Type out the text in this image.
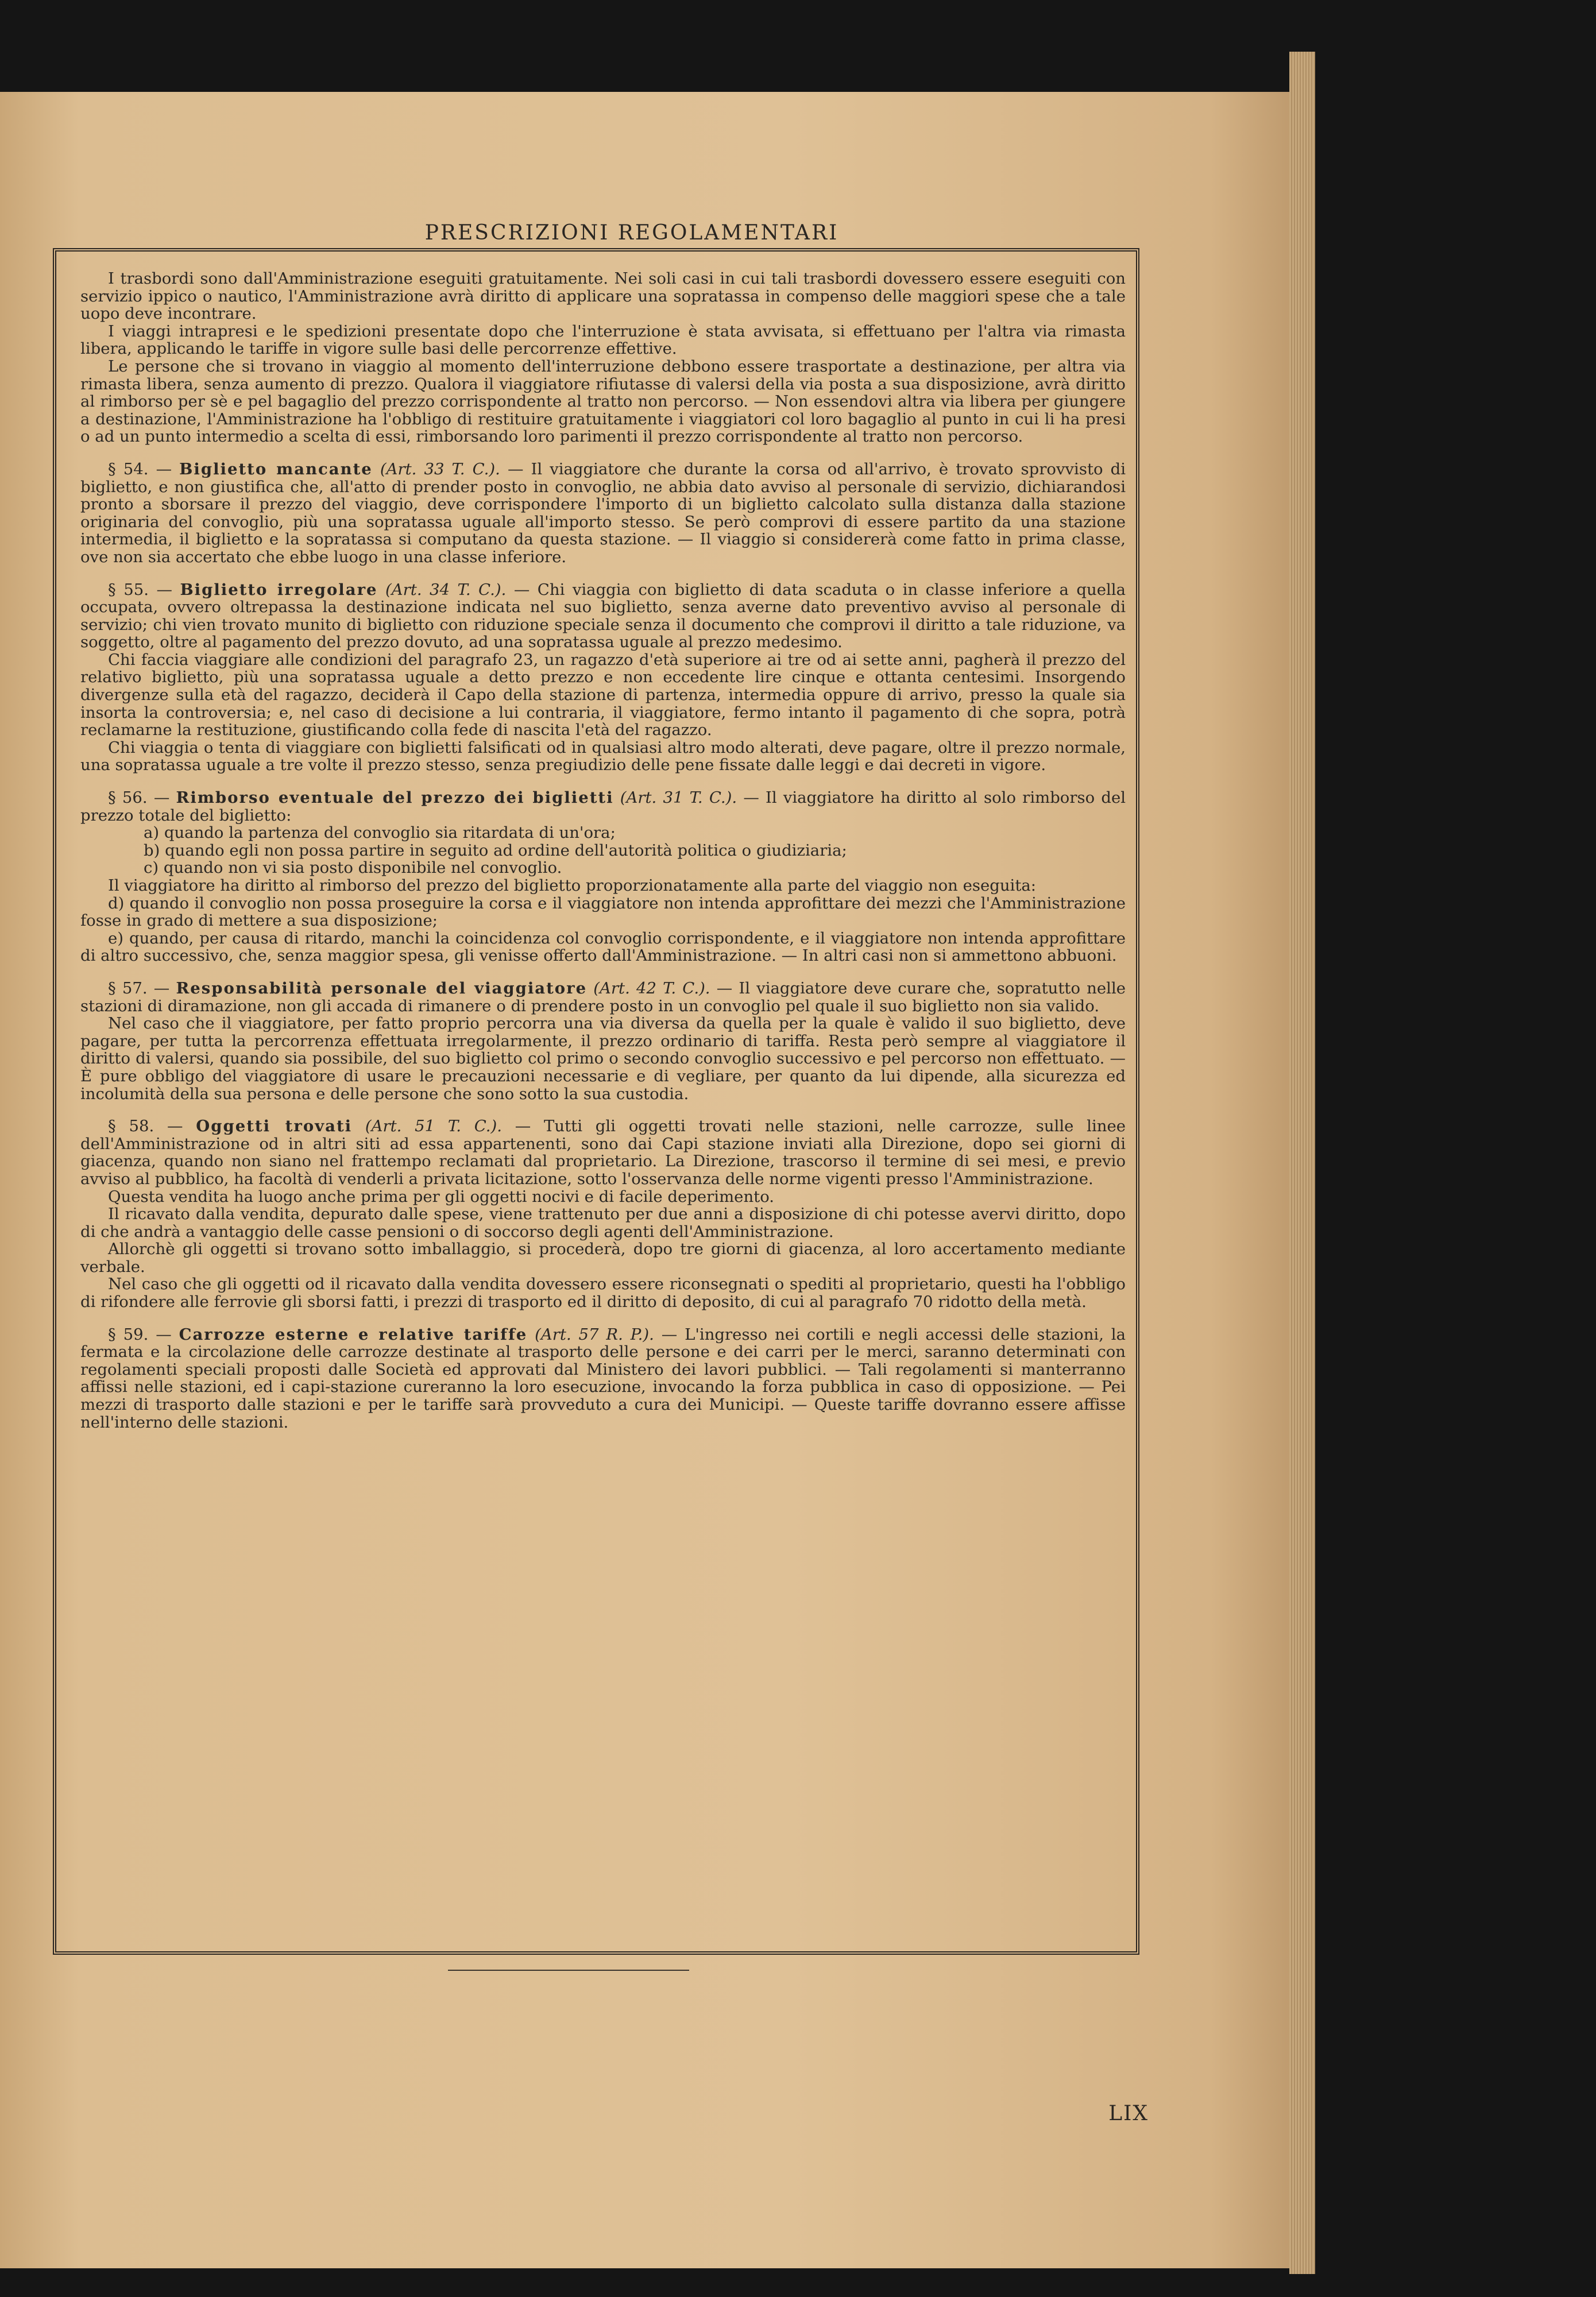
PRESCRIZIONI REGOLAMENTARI

I trasbordi sono dall'Amministrazione eseguiti gratuitamente. Nei soli casi in cui tali trasbordi dovessero essere eseguiti con servizio ippico o nautico, l'Amministrazione avrà diritto di applicare una sopratassa in compenso delle maggiori spese che a tale uopo deve incontrare.

I viaggi intrapresi e le spedizioni presentate dopo che l'interruzione è stata avvisata, si effettuano per l'altra via rimasta libera, applicando le tariffe in vigore sulle basi delle percorrenze effettive.

Le persone che si trovano in viaggio al momento dell'interruzione debbono essere trasportate a destinazione, per altra via rimasta libera, senza aumento di prezzo. Qualora il viaggiatore rifiutasse di valersi della via posta a sua disposizione, avrà diritto al rimborso per sè e pel bagaglio del prezzo corrispondente al tratto non percorso. — Non essendovi altra via libera per giungere a destinazione, l'Amministrazione ha l'obbligo di restituire gratuitamente i viaggiatori col loro bagaglio al punto in cui li ha presi o ad un punto intermedio a scelta di essi, rimborsando loro parimenti il prezzo corrispondente al tratto non percorso.

§ 54. — Biglietto mancante (Art. 33 T. C.). — Il viaggiatore che durante la corsa od all'arrivo, è trovato sprovvisto di biglietto, e non giustifica che, all'atto di prender posto in convoglio, ne abbia dato avviso al personale di servizio, dichiarandosi pronto a sborsare il prezzo del viaggio, deve corrispondere l'importo di un biglietto calcolato sulla distanza dalla stazione originaria del convoglio, più una sopratassa uguale all'importo stesso. Se però comprovi di essere partito da una stazione intermedia, il biglietto e la sopratassa si computano da questa stazione. — Il viaggio si considererà come fatto in prima classe, ove non sia accertato che ebbe luogo in una classe inferiore.

§ 55. — Biglietto irregolare (Art. 34 T. C.). — Chi viaggia con biglietto di data scaduta o in classe inferiore a quella occupata, ovvero oltrepassa la destinazione indicata nel suo biglietto, senza averne dato preventivo avviso al personale di servizio; chi vien trovato munito di biglietto con riduzione speciale senza il documento che comprovi il diritto a tale riduzione, va soggetto, oltre al pagamento del prezzo dovuto, ad una sopratassa uguale al prezzo medesimo.

Chi faccia viaggiare alle condizioni del paragrafo 23, un ragazzo d'età superiore ai tre od ai sette anni, pagherà il prezzo del relativo biglietto, più una sopratassa uguale a detto prezzo e non eccedente lire cinque e ottanta centesimi. Insorgendo divergenze sulla età del ragazzo, deciderà il Capo della stazione di partenza, intermedia oppure di arrivo, presso la quale sia insorta la controversia; e, nel caso di decisione a lui contraria, il viaggiatore, fermo intanto il pagamento di che sopra, potrà reclamarne la restituzione, giustificando colla fede di nascita l'età del ragazzo.

Chi viaggia o tenta di viaggiare con biglietti falsificati od in qualsiasi altro modo alterati, deve pagare, oltre il prezzo normale, una sopratassa uguale a tre volte il prezzo stesso, senza pregiudizio delle pene fissate dalle leggi e dai decreti in vigore.

§ 56. — Rimborso eventuale del prezzo dei biglietti (Art. 31 T. C.). — Il viaggiatore ha diritto al solo rimborso del prezzo totale del biglietto:

a) quando la partenza del convoglio sia ritardata di un'ora;

b) quando egli non possa partire in seguito ad ordine dell'autorità politica o giudiziaria;

c) quando non vi sia posto disponibile nel convoglio.

Il viaggiatore ha diritto al rimborso del prezzo del biglietto proporzionatamente alla parte del viaggio non eseguita:

d) quando il convoglio non possa proseguire la corsa e il viaggiatore non intenda approfittare dei mezzi che l'Amministrazione fosse in grado di mettere a sua disposizione;

e) quando, per causa di ritardo, manchi la coincidenza col convoglio corrispondente, e il viaggiatore non intenda approfittare di altro successivo, che, senza maggior spesa, gli venisse offerto dall'Amministrazione. — In altri casi non si ammettono abbuoni.

§ 57. — Responsabilità personale del viaggiatore (Art. 42 T. C.). — Il viaggiatore deve curare che, sopratutto nelle stazioni di diramazione, non gli accada di rimanere o di prendere posto in un convoglio pel quale il suo biglietto non sia valido.

Nel caso che il viaggiatore, per fatto proprio percorra una via diversa da quella per la quale è valido il suo biglietto, deve pagare, per tutta la percorrenza effettuata irregolarmente, il prezzo ordinario di tariffa. Resta però sempre al viaggiatore il diritto di valersi, quando sia possibile, del suo biglietto col primo o secondo convoglio successivo e pel percorso non effettuato. — È pure obbligo del viaggiatore di usare le precauzioni necessarie e di vegliare, per quanto da lui dipende, alla sicurezza ed incolumità della sua persona e delle persone che sono sotto la sua custodia.

§ 58. — Oggetti trovati (Art. 51 T. C.). — Tutti gli oggetti trovati nelle stazioni, nelle carrozze, sulle linee dell'Amministrazione od in altri siti ad essa appartenenti, sono dai Capi stazione inviati alla Direzione, dopo sei giorni di giacenza, quando non siano nel frattempo reclamati dal proprietario. La Direzione, trascorso il termine di sei mesi, e previo avviso al pubblico, ha facoltà di venderli a privata licitazione, sotto l'osservanza delle norme vigenti presso l'Amministrazione.

Questa vendita ha luogo anche prima per gli oggetti nocivi e di facile deperimento.

Il ricavato dalla vendita, depurato dalle spese, viene trattenuto per due anni a disposizione di chi potesse avervi diritto, dopo di che andrà a vantaggio delle casse pensioni o di soccorso degli agenti dell'Amministrazione.

Allorchè gli oggetti si trovano sotto imballaggio, si procederà, dopo tre giorni di giacenza, al loro accertamento mediante verbale.

Nel caso che gli oggetti od il ricavato dalla vendita dovessero essere riconsegnati o spediti al proprietario, questi ha l'obbligo di rifondere alle ferrovie gli sborsi fatti, i prezzi di trasporto ed il diritto di deposito, di cui al paragrafo 70 ridotto della metà.

§ 59. — Carrozze esterne e relative tariffe (Art. 57 R. P.). — L'ingresso nei cortili e negli accessi delle stazioni, la fermata e la circolazione delle carrozze destinate al trasporto delle persone e dei carri per le merci, saranno determinati con regolamenti speciali proposti dalle Società ed approvati dal Ministero dei lavori pubblici. — Tali regolamenti si manterranno affissi nelle stazioni, ed i capi-stazione cureranno la loro esecuzione, invocando la forza pubblica in caso di opposizione. — Pei mezzi di trasporto dalle stazioni e per le tariffe sarà provveduto a cura dei Municipi. — Queste tariffe dovranno essere affisse nell'interno delle stazioni.

LIX
